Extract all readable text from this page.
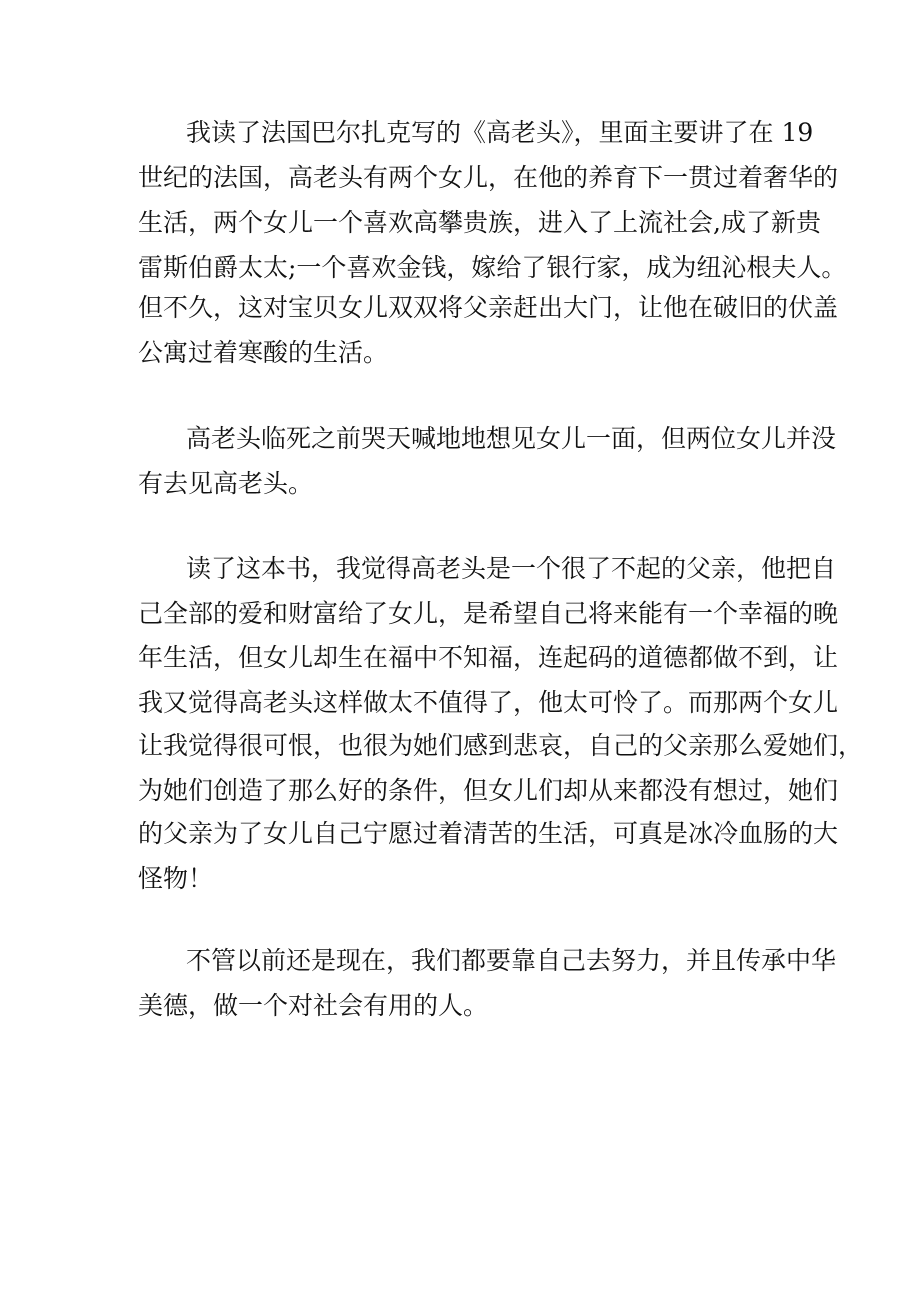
我读了法国巴尔扎克写的《高老头》，里面主要讲了在 19

世纪的法国，高老头有两个女儿，在他的养育下一贯过着奢华的

生活，两个女儿一个喜欢高攀贵族，进入了上流社会,成了新贵

雷斯伯爵太太;一个喜欢金钱，嫁给了银行家，成为纽沁根夫人。

但不久，这对宝贝女儿双双将父亲赶出大门，让他在破旧的伏盖

公寓过着寒酸的生活。

高老头临死之前哭天喊地地想见女儿一面，但两位女儿并没

有去见高老头。

读了这本书，我觉得高老头是一个很了不起的父亲，他把自

己全部的爱和财富给了女儿，是希望自己将来能有一个幸福的晚

年生活，但女儿却生在福中不知福，连起码的道德都做不到，让

我又觉得高老头这样做太不值得了，他太可怜了。而那两个女儿

让我觉得很可恨，也很为她们感到悲哀，自己的父亲那么爱她们，

为她们创造了那么好的条件，但女儿们却从来都没有想过，她们

的父亲为了女儿自己宁愿过着清苦的生活，可真是冰冷血肠的大

怪物！

不管以前还是现在，我们都要靠自己去努力，并且传承中华

美德，做一个对社会有用的人。
